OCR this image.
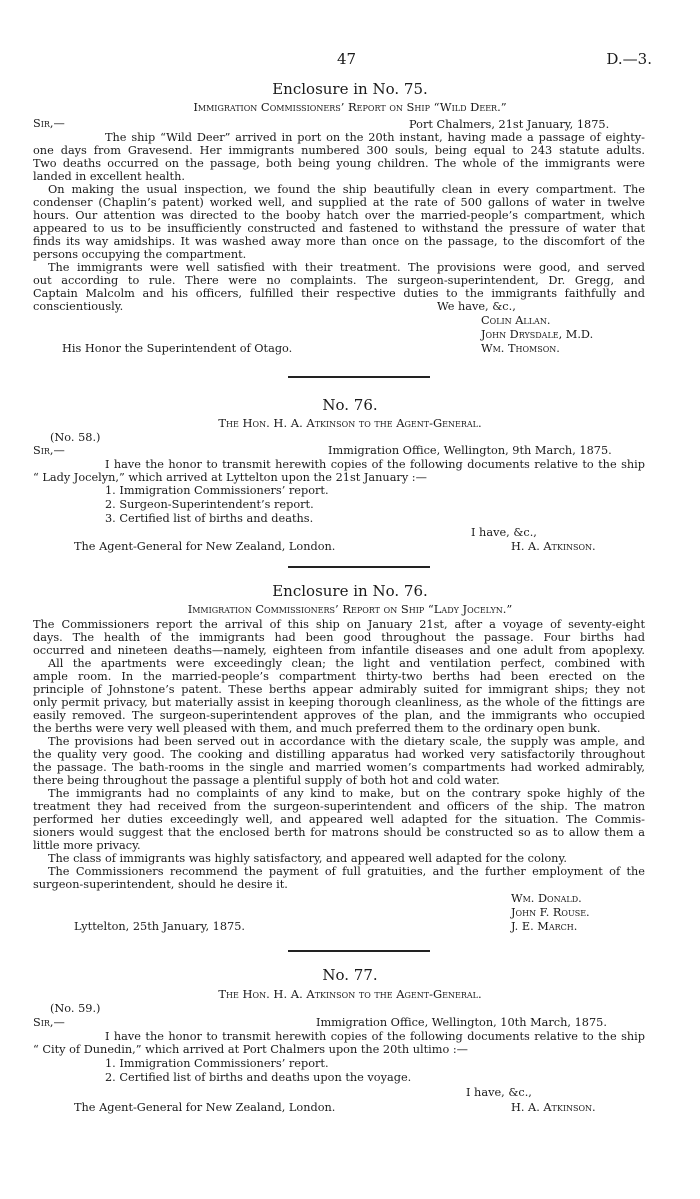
47	D.—3.
Enclosure in No. 75.
Immigration Commissioners’ Report on Ship “Wild Deer.”
Sir,—	Port Chalmers, 21st January, 1875.
The ship “Wild Deer” arrived in port on the 20th instant, having made a passage of eighty-
one days from Gravesend. Her immigrants numbered 300 souls, being equal to 243 statute adults.
Two deaths occurred on the passage, both being young children. The whole of the immigrants were
landed in excellent health.
On making the usual inspection, we found the ship beautifully clean in every compartment. The
condenser (Chaplin’s patent) worked well, and supplied at the rate of 500 gallons of water in twelve
hours. Our attention was directed to the booby hatch over the married-people’s compartment, which
appeared to us to be insufficiently constructed and fastened to withstand the pressure of water that
finds its way amidships. It was washed away more than once on the passage, to the discomfort of the
persons occupying the compartment.
The immigrants were well satisfied with their treatment. The provisions were good, and served
out according to rule. There were no complaints. The surgeon-superintendent, Dr. Gregg, and
Captain Malcolm and his officers, fulfilled their respective duties to the immigrants faithfully and
conscientiously.	We have, &c.,
Colin Allan.
John Drysdale, M.D.
His Honor the Superintendent of Otago.	Wm. Thomson.
No. 76.
The Hon. H. A. Atkinson to the Agent-General.
(No. 58.)
Sir,—	Immigration Office, Wellington, 9th March, 1875.
I have the honor to transmit herewith copies of the following documents relative to the ship
“ Lady Jocelyn,” which arrived at Lyttelton upon the 21st January :—
1. Immigration Commissioners’ report.
2. Surgeon-Superintendent’s report.
3. Certified list of births and deaths.
I have, &c.,
The Agent-General for New Zealand, London.	H. A. Atkinson.
Enclosure in No. 76.
Immigration Commissioners’ Report on Ship “Lady Jocelyn.”
The Commissioners report the arrival of this ship on January 21st, after a voyage of seventy-eight
days. The health of the immigrants had been good throughout the passage. Four births had
occurred and nineteen deaths—namely, eighteen from infantile diseases and one adult from apoplexy.
All the apartments were exceedingly clean; the light and ventilation perfect, combined with
ample room. In the married-people’s compartment thirty-two berths had been erected on the
principle of Johnstone’s patent. These berths appear admirably suited for immigrant ships; they not
only permit privacy, but materially assist in keeping thorough cleanliness, as the whole of the fittings are
easily removed. The surgeon-superintendent approves of the plan, and the immigrants who occupied
the berths were very well pleased with them, and much preferred them to the ordinary open bunk.
The provisions had been served out in accordance with the dietary scale, the supply was ample, and
the quality very good. The cooking and distilling apparatus had worked very satisfactorily throughout
the passage. The bath-rooms in the single and married women’s compartments had worked admirably,
there being throughout the passage a plentiful supply of both hot and cold water.
The immigrants had no complaints of any kind to make, but on the contrary spoke highly of the
treatment they had received from the surgeon-superintendent and officers of the ship. The matron
performed her duties exceedingly well, and appeared well adapted for the situation. The Commis-
sioners would suggest that the enclosed berth for matrons should be constructed so as to allow them a
little more privacy.
The class of immigrants was highly satisfactory, and appeared well adapted for the colony.
The Commissioners recommend the payment of full gratuities, and the further employment of the
surgeon-superintendent, should he desire it.
Wm. Donald.
John F. Rouse.
Lyttelton, 25th January, 1875.	J. E. March.
No. 77.
The Hon. H. A. Atkinson to the Agent-General.
(No. 59.)
Sir,—	Immigration Office, Wellington, 10th March, 1875.
I have the honor to transmit herewith copies of the following documents relative to the ship
“ City of Dunedin,” which arrived at Port Chalmers upon the 20th ultimo :—
1. Immigration Commissioners’ report.
2. Certified list of births and deaths upon the voyage.
I have, &c.,
The Agent-General for New Zealand, London.	H. A. Atkinson.
